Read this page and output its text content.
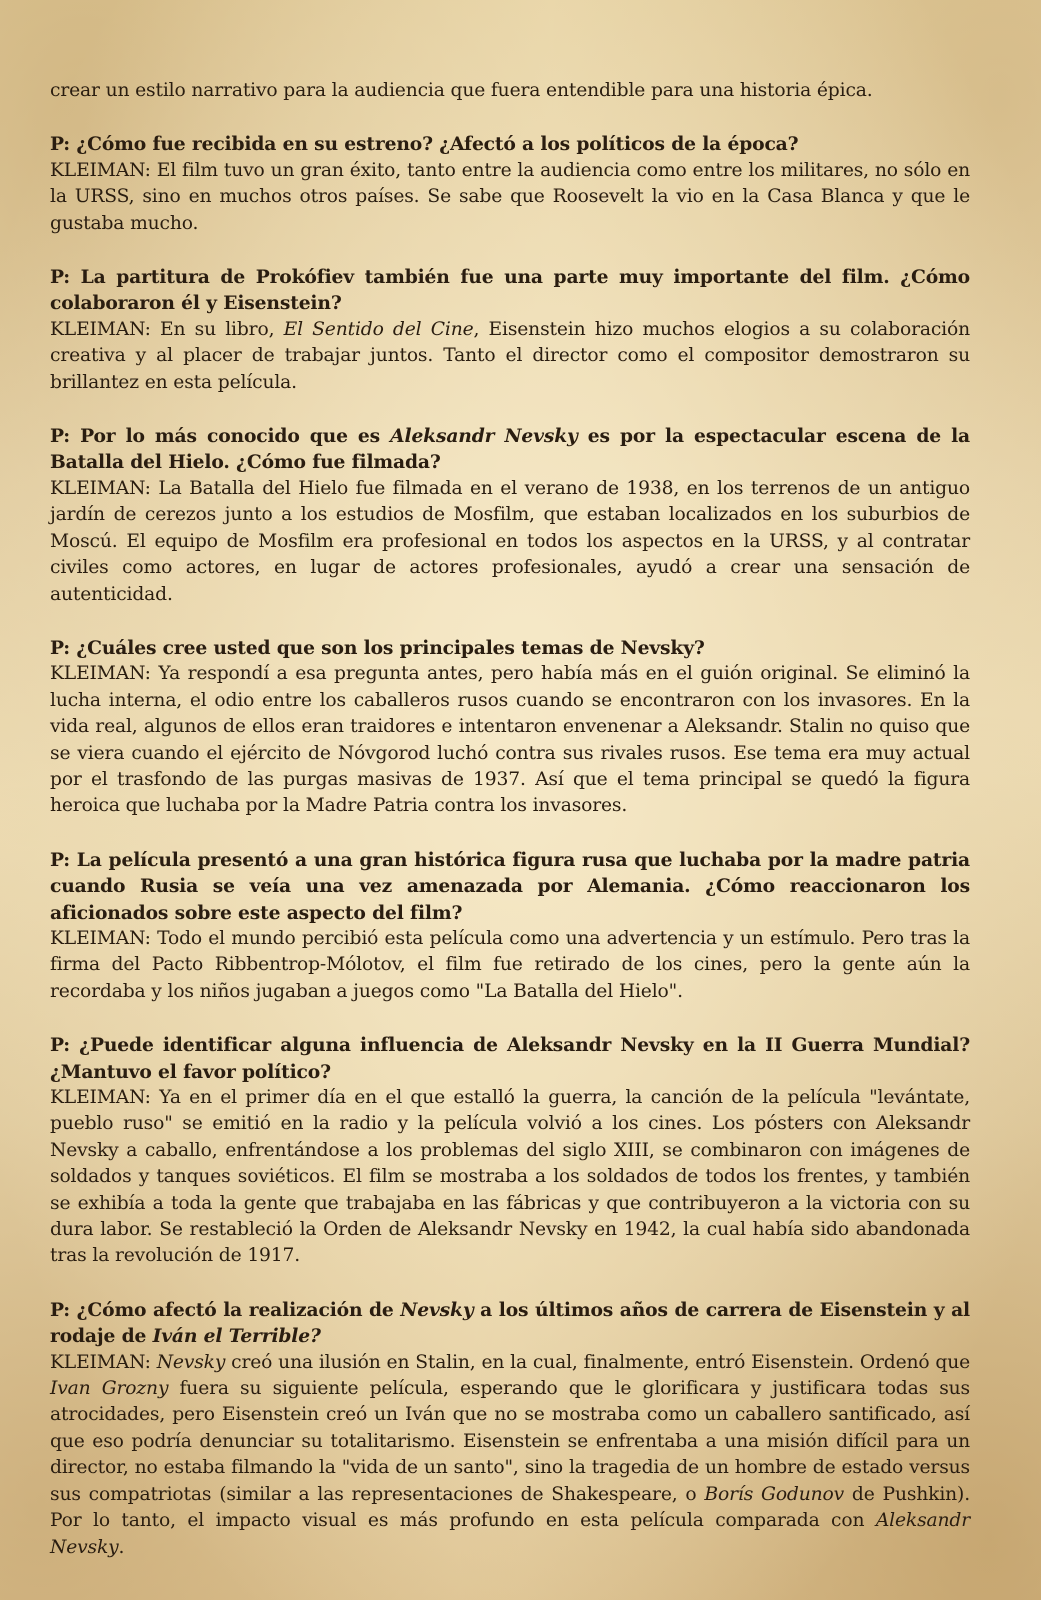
crear un estilo narrativo para la audiencia que fuera entendible para una historia épica.

P: ¿Cómo fue recibida en su estreno? ¿Afectó a los políticos de la época?

KLEIMAN: El film tuvo un gran éxito, tanto entre la audiencia como entre los militares, no sólo en la URSS, sino en muchos otros países. Se sabe que Roosevelt la vio en la Casa Blanca y que le gustaba mucho.

P: La partitura de Prokófiev también fue una parte muy importante del film. ¿Cómo colaboraron él y Eisenstein?

KLEIMAN: En su libro, El Sentido del Cine, Eisenstein hizo muchos elogios a su colaboración creativa y al placer de trabajar juntos. Tanto el director como el compositor demostraron su brillantez en esta película.

P: Por lo más conocido que es Aleksandr Nevsky es por la espectacular escena de la Batalla del Hielo. ¿Cómo fue filmada?

KLEIMAN: La Batalla del Hielo fue filmada en el verano de 1938, en los terrenos de un antiguo jardín de cerezos junto a los estudios de Mosfilm, que estaban localizados en los suburbios de Moscú. El equipo de Mosfilm era profesional en todos los aspectos en la URSS, y al contratar civiles como actores, en lugar de actores profesionales, ayudó a crear una sensación de autenticidad.

P: ¿Cuáles cree usted que son los principales temas de Nevsky?

KLEIMAN: Ya respondí a esa pregunta antes, pero había más en el guión original. Se eliminó la lucha interna, el odio entre los caballeros rusos cuando se encontraron con los invasores. En la vida real, algunos de ellos eran traidores e intentaron envenenar a Aleksandr. Stalin no quiso que se viera cuando el ejército de Nóvgorod luchó contra sus rivales rusos. Ese tema era muy actual por el trasfondo de las purgas masivas de 1937. Así que el tema principal se quedó la figura heroica que luchaba por la Madre Patria contra los invasores.

P: La película presentó a una gran histórica figura rusa que luchaba por la madre patria cuando Rusia se veía una vez amenazada por Alemania. ¿Cómo reaccionaron los aficionados sobre este aspecto del film?

KLEIMAN: Todo el mundo percibió esta película como una advertencia y un estímulo. Pero tras la firma del Pacto Ribbentrop-Mólotov, el film fue retirado de los cines, pero la gente aún la recordaba y los niños jugaban a juegos como "La Batalla del Hielo".

P: ¿Puede identificar alguna influencia de Aleksandr Nevsky en la II Guerra Mundial? ¿Mantuvo el favor político?

KLEIMAN: Ya en el primer día en el que estalló la guerra, la canción de la película "levántate, pueblo ruso" se emitió en la radio y la película volvió a los cines. Los pósters con Aleksandr Nevsky a caballo, enfrentándose a los problemas del siglo XIII, se combinaron con imágenes de soldados y tanques soviéticos. El film se mostraba a los soldados de todos los frentes, y también se exhibía a toda la gente que trabajaba en las fábricas y que contribuyeron a la victoria con su dura labor. Se restableció la Orden de Aleksandr Nevsky en 1942, la cual había sido abandonada tras la revolución de 1917.

P: ¿Cómo afectó la realización de Nevsky a los últimos años de carrera de Eisenstein y al rodaje de Iván el Terrible?

KLEIMAN: Nevsky creó una ilusión en Stalin, en la cual, finalmente, entró Eisenstein. Ordenó que Ivan Grozny fuera su siguiente película, esperando que le glorificara y justificara todas sus atrocidades, pero Eisenstein creó un Iván que no se mostraba como un caballero santificado, así que eso podría denunciar su totalitarismo. Eisenstein se enfrentaba a una misión difícil para un director, no estaba filmando la "vida de un santo", sino la tragedia de un hombre de estado versus sus compatriotas (similar a las representaciones de Shakespeare, o Borís Godunov de Pushkin). Por lo tanto, el impacto visual es más profundo en esta película comparada con Aleksandr Nevsky.
